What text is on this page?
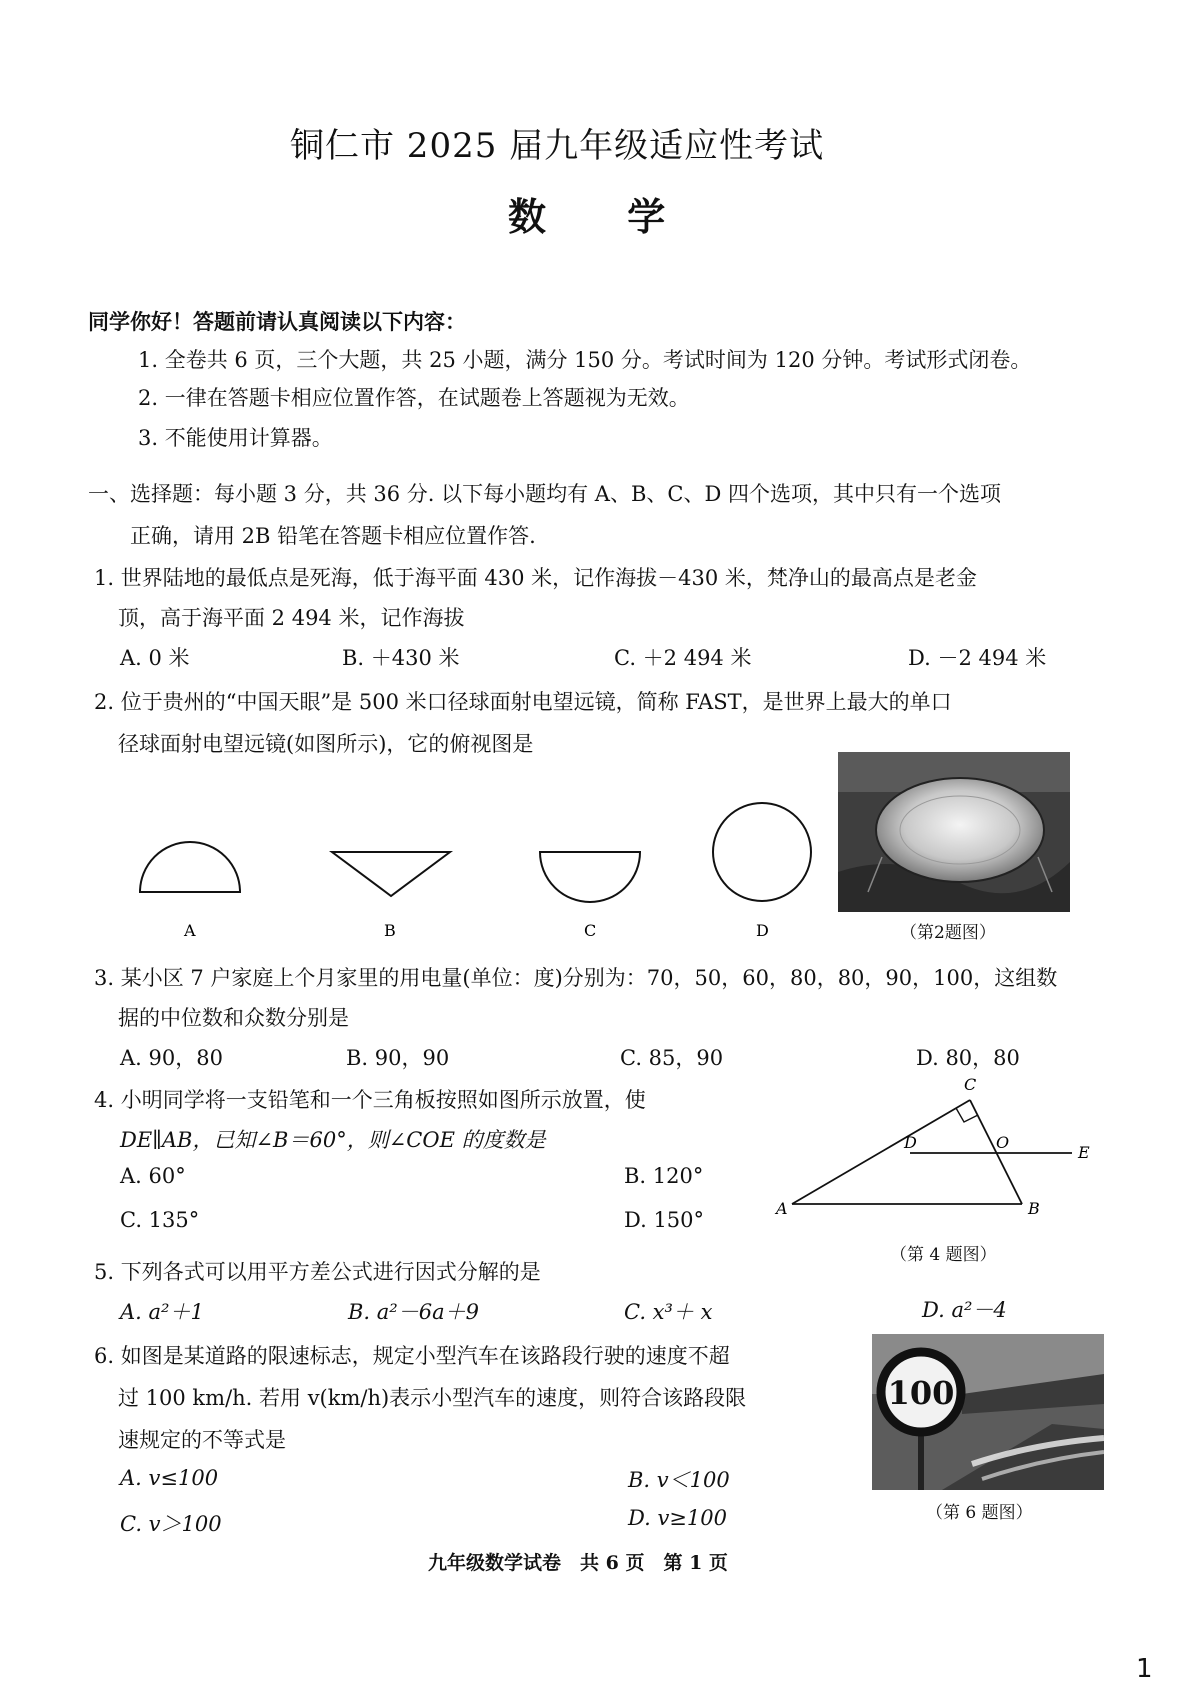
铜仁市 2025 届九年级适应性考试
数 学
同学你好！答题前请认真阅读以下内容：
1. 全卷共 6 页，三个大题，共 25 小题，满分 150 分。考试时间为 120 分钟。考试形式闭卷。
2. 一律在答题卡相应位置作答，在试题卷上答题视为无效。
3. 不能使用计算器。
一、选择题：每小题 3 分，共 36 分. 以下每小题均有 A、B、C、D 四个选项，其中只有一个选项
正确，请用 2B 铅笔在答题卡相应位置作答.
1. 世界陆地的最低点是死海，低于海平面 430 米，记作海拔－430 米，梵净山的最高点是老金
顶，高于海平面 2 494 米，记作海拔
A. 0 米	B. ＋430 米	C. ＋2 494 米	D. －2 494 米
2. 位于贵州的“中国天眼”是 500 米口径球面射电望远镜，简称 FAST，是世界上最大的单口
径球面射电望远镜(如图所示)，它的俯视图是
A	B	C	D	（第2题图）
3. 某小区 7 户家庭上个月家里的用电量(单位：度)分别为：70，50，60，80，80，90，100，这组数
据的中位数和众数分别是
A. 90，80	B. 90，90	C. 85，90	D. 80，80
4. 小明同学将一支铅笔和一个三角板按照如图所示放置，使
DE∥AB，已知∠B＝60°，则∠COE 的度数是
A. 60°	B. 120°
C. 135°	D. 150°
C
D	O
E
A	B
（第 4 题图）
5. 下列各式可以用平方差公式进行因式分解的是
A. a²＋1	B. a²－6a＋9	C. x³＋ x	D. a²－4
6. 如图是某道路的限速标志，规定小型汽车在该路段行驶的速度不超
过 100 km/h. 若用 v(km/h)表示小型汽车的速度，则符合该路段限
速规定的不等式是
A. v≤100	B. v＜100
C. v＞100	D. v≥100
100
（第 6 题图）
九年级数学试卷　共 6 页　第 1 页
1
